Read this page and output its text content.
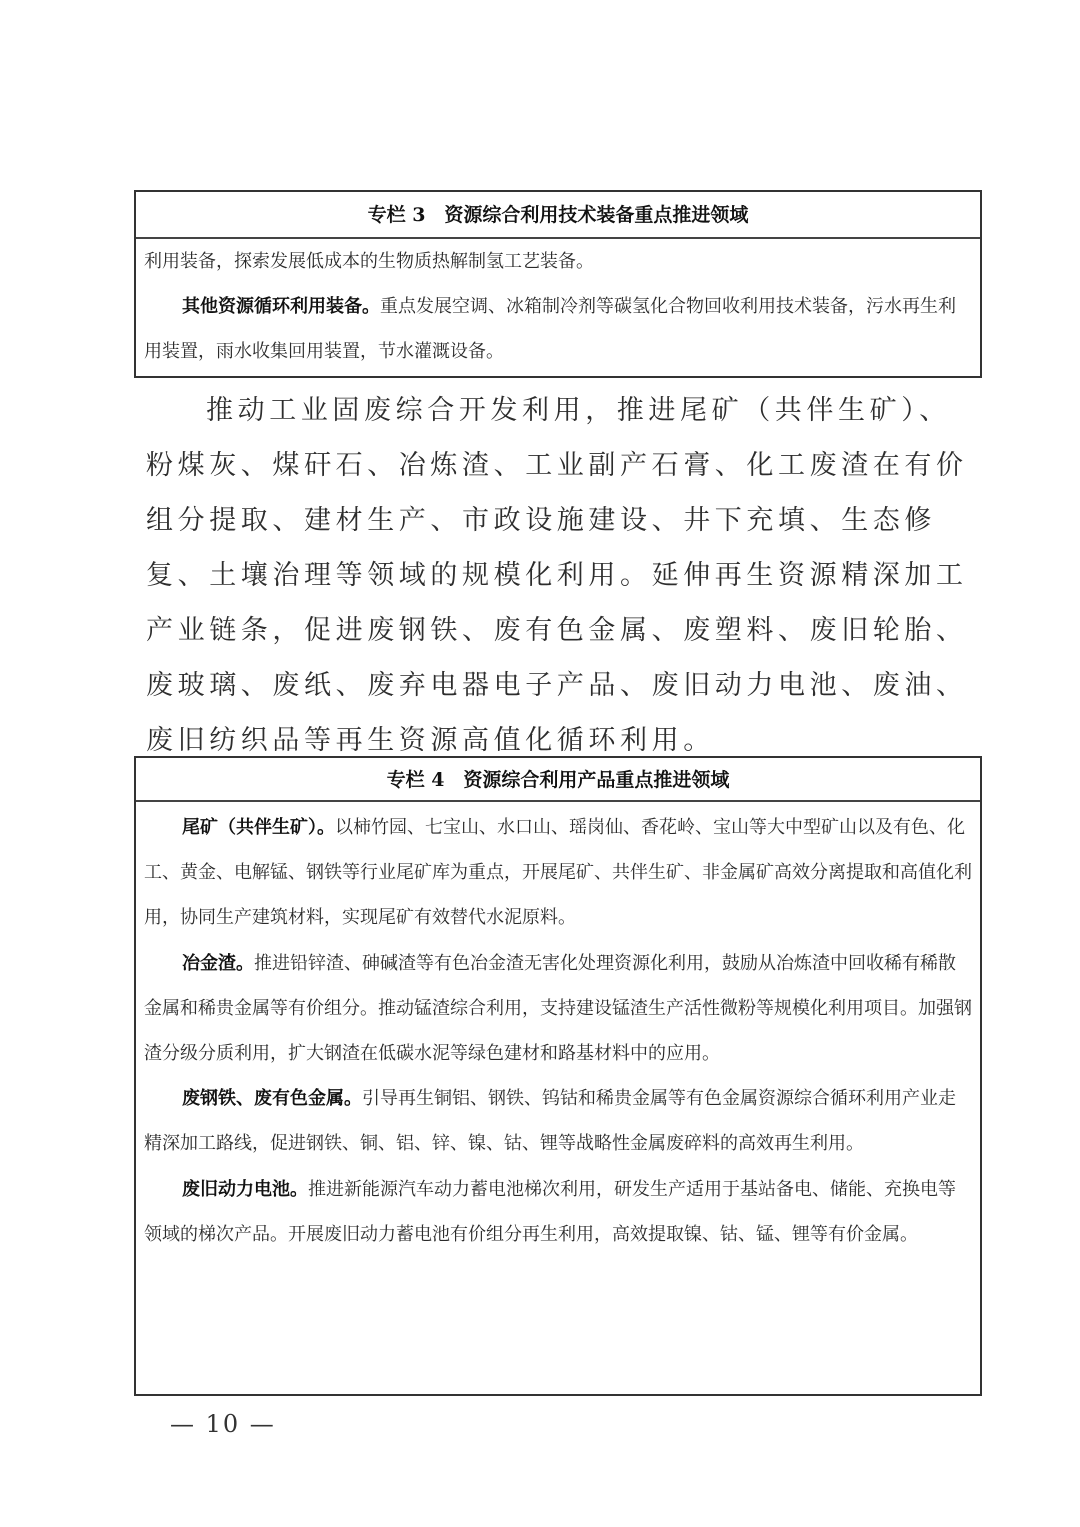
专栏 3　资源综合利用技术装备重点推进领域

利用装备，探索发展低成本的生物质热解制氢工艺装备。

其他资源循环利用装备。重点发展空调、冰箱制冷剂等碳氢化合物回收利用技术装备，污水再生利用装置，雨水收集回用装置，节水灌溉设备。

推动工业固废综合开发利用，推进尾矿（共伴生矿）、粉煤灰、煤矸石、冶炼渣、工业副产石膏、化工废渣在有价组分提取、建材生产、市政设施建设、井下充填、生态修复、土壤治理等领域的规模化利用。延伸再生资源精深加工产业链条，促进废钢铁、废有色金属、废塑料、废旧轮胎、废玻璃、废纸、废弃电器电子产品、废旧动力电池、废油、废旧纺织品等再生资源高值化循环利用。

专栏 4　资源综合利用产品重点推进领域

尾矿（共伴生矿）。以柿竹园、七宝山、水口山、瑶岗仙、香花岭、宝山等大中型矿山以及有色、化工、黄金、电解锰、钢铁等行业尾矿库为重点，开展尾矿、共伴生矿、非金属矿高效分离提取和高值化利用，协同生产建筑材料，实现尾矿有效替代水泥原料。

冶金渣。推进铅锌渣、砷碱渣等有色冶金渣无害化处理资源化利用，鼓励从冶炼渣中回收稀有稀散金属和稀贵金属等有价组分。推动锰渣综合利用，支持建设锰渣生产活性微粉等规模化利用项目。加强钢渣分级分质利用，扩大钢渣在低碳水泥等绿色建材和路基材料中的应用。

废钢铁、废有色金属。引导再生铜铝、钢铁、钨钴和稀贵金属等有色金属资源综合循环利用产业走精深加工路线，促进钢铁、铜、铝、锌、镍、钴、锂等战略性金属废碎料的高效再生利用。

废旧动力电池。推进新能源汽车动力蓄电池梯次利用，研发生产适用于基站备电、储能、充换电等领域的梯次产品。开展废旧动力蓄电池有价组分再生利用，高效提取镍、钴、锰、锂等有价金属。

— 10 —
